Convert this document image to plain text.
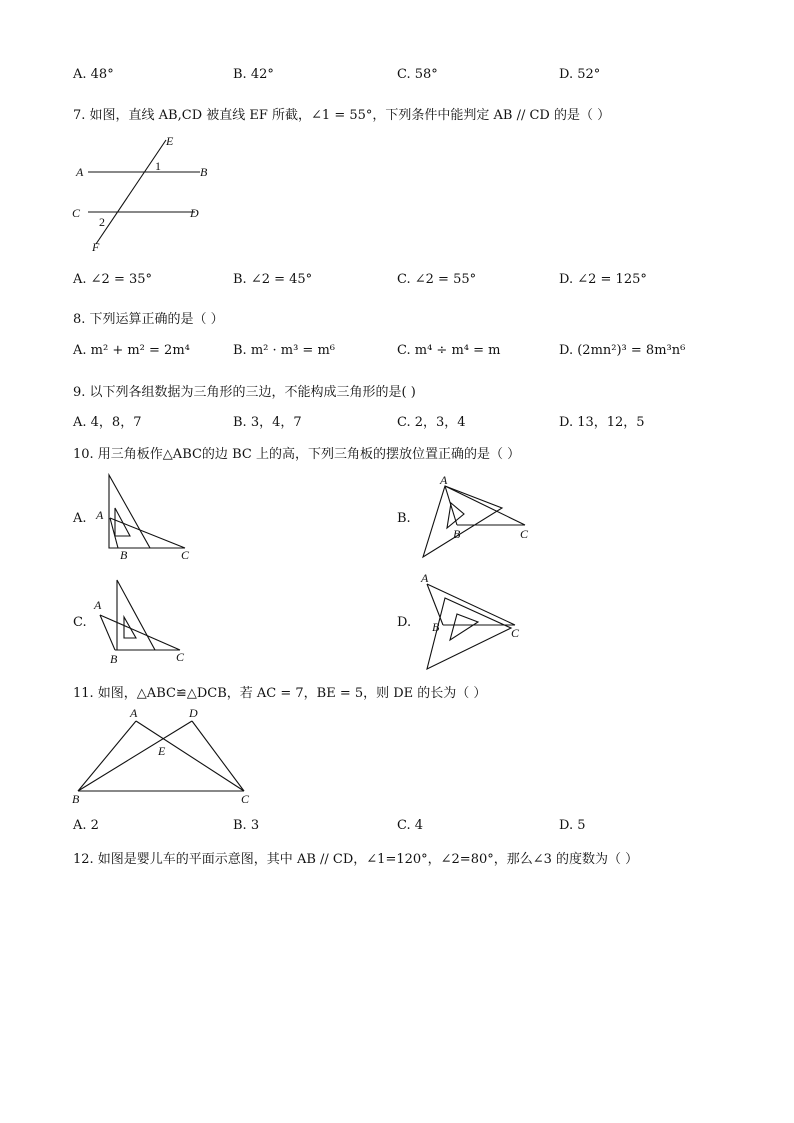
A. 48°	B. 42°	C. 58°	D. 52°
7. 如图，直线 AB,CD 被直线 EF 所截，∠1 = 55°，下列条件中能判定 AB // CD 的是（ ）
E
A	B
1
C	D
2
F
A. ∠2 = 35°	B. ∠2 = 45°	C. ∠2 = 55°	D. ∠2 = 125°
8. 下列运算正确的是（ ）
A. m² + m² = 2m⁴	B. m² · m³ = m⁶	C. m⁴ ÷ m⁴ = m	D. (2mn²)³ = 8m³n⁶
9. 以下列各组数据为三角形的三边，不能构成三角形的是( )
A. 4，8，7	B. 3，4，7	C. 2，3，4	D. 13，12，5
10. 用三角板作△ABC的边 BC 上的高，下列三角板的摆放位置正确的是（ ）
A. A
B	C
B.
A
B	C
C.
A
B	C
D.
A
B	C
11. 如图，△ABC≌△DCB，若 AC = 7，BE = 5，则 DE 的长为（ ）
A	D
E
B	C
A. 2	B. 3	C. 4	D. 5
12. 如图是婴儿车的平面示意图，其中 AB // CD，∠1=120°，∠2=80°，那么∠3 的度数为（ ）
